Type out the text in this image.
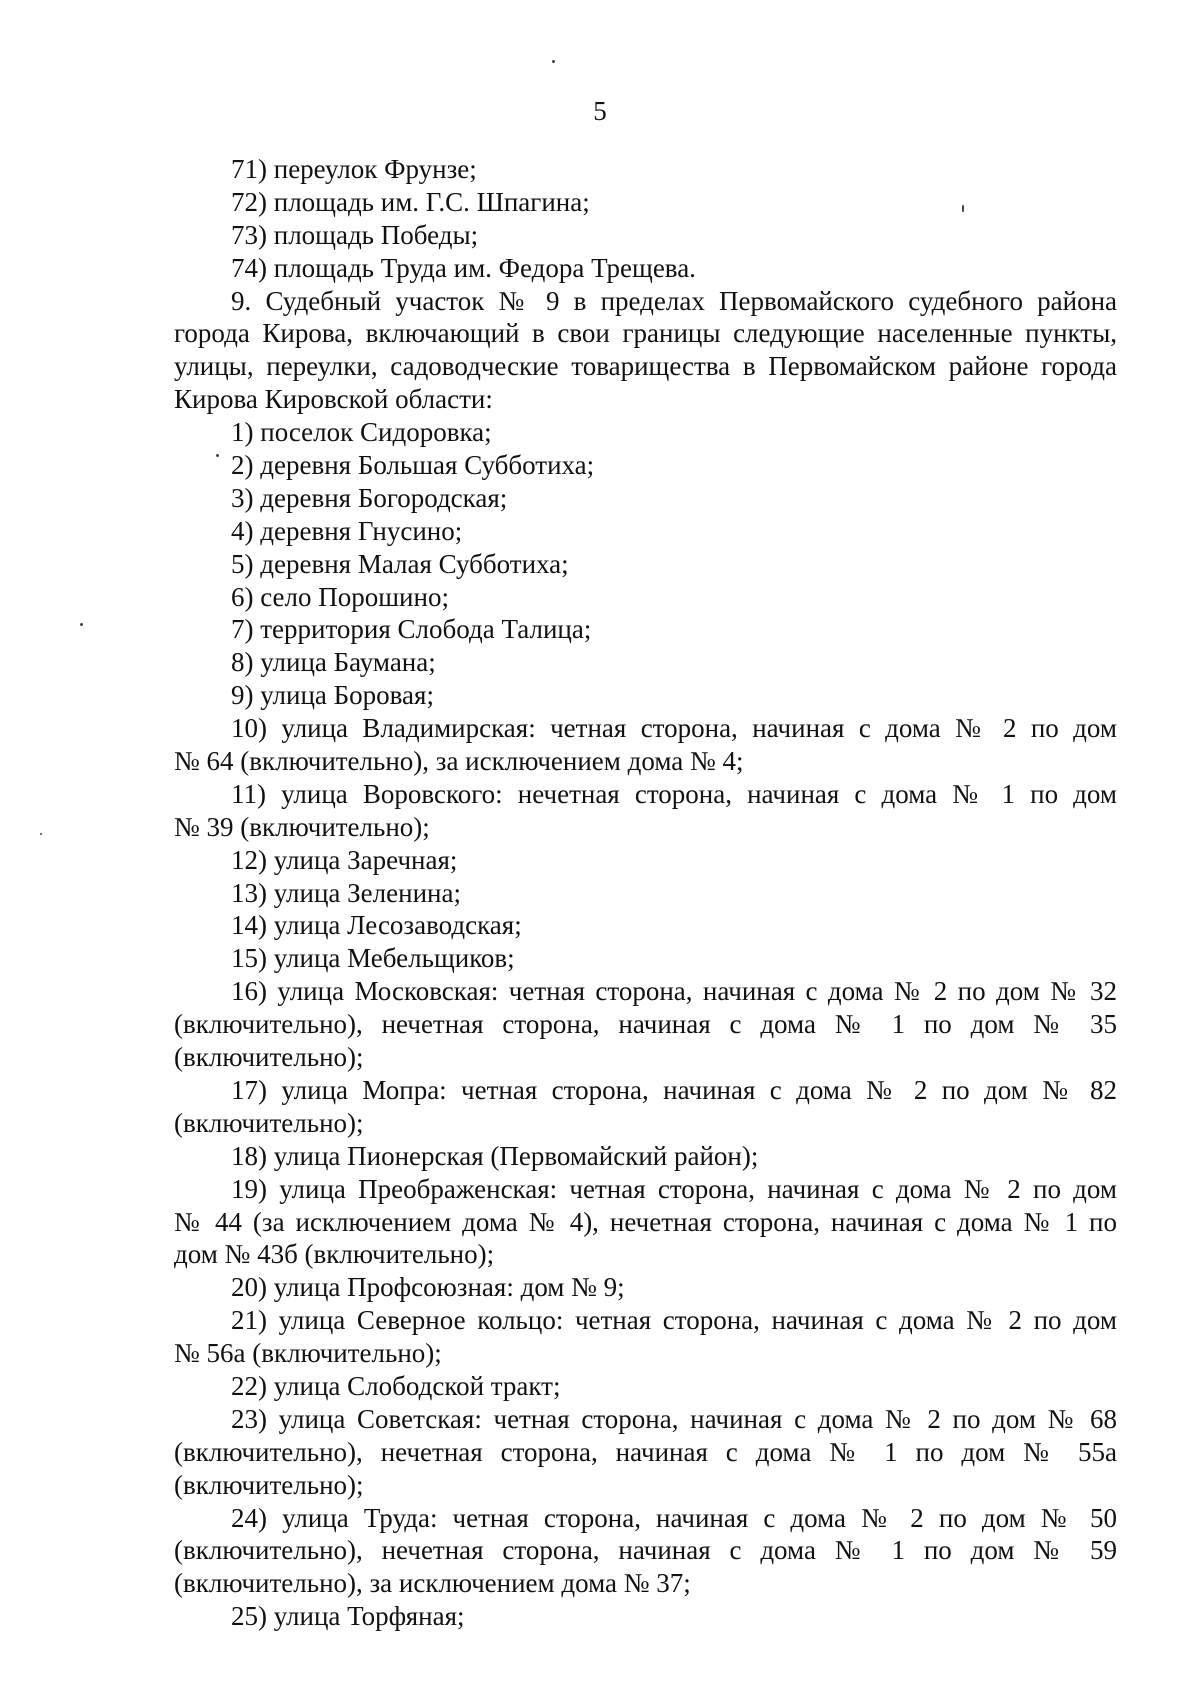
5
71) переулок Фрунзе;
72) площадь им. Г.С. Шпагина;
73) площадь Победы;
74) площадь Труда им. Федора Трещева.
9. Судебный участок № 9 в пределах Первомайского судебного района
города Кирова, включающий в свои границы следующие населенные пункты,
улицы, переулки, садоводческие товарищества в Первомайском районе города
Кирова Кировской области:
1) поселок Сидоровка;
2) деревня Большая Субботиха;
3) деревня Богородская;
4) деревня Гнусино;
5) деревня Малая Субботиха;
6) село Порошино;
7) территория Слобода Талица;
8) улица Баумана;
9) улица Боровая;
10) улица Владимирская: четная сторона, начиная с дома № 2 по дом
№ 64 (включительно), за исключением дома № 4;
11) улица Воровского: нечетная сторона, начиная с дома № 1 по дом
№ 39 (включительно);
12) улица Заречная;
13) улица Зеленина;
14) улица Лесозаводская;
15) улица Мебельщиков;
16) улица Московская: четная сторона, начиная с дома № 2 по дом № 32
(включительно), нечетная сторона, начиная с дома № 1 по дом № 35
(включительно);
17) улица Мопра: четная сторона, начиная с дома № 2 по дом № 82
(включительно);
18) улица Пионерская (Первомайский район);
19) улица Преображенская: четная сторона, начиная с дома № 2 по дом
№ 44 (за исключением дома № 4), нечетная сторона, начиная с дома № 1 по
дом № 43б (включительно);
20) улица Профсоюзная: дом № 9;
21) улица Северное кольцо: четная сторона, начиная с дома № 2 по дом
№ 56а (включительно);
22) улица Слободской тракт;
23) улица Советская: четная сторона, начиная с дома № 2 по дом № 68
(включительно), нечетная сторона, начиная с дома № 1 по дом № 55а
(включительно);
24) улица Труда: четная сторона, начиная с дома № 2 по дом № 50
(включительно), нечетная сторона, начиная с дома № 1 по дом № 59
(включительно), за исключением дома № 37;
25) улица Торфяная;
